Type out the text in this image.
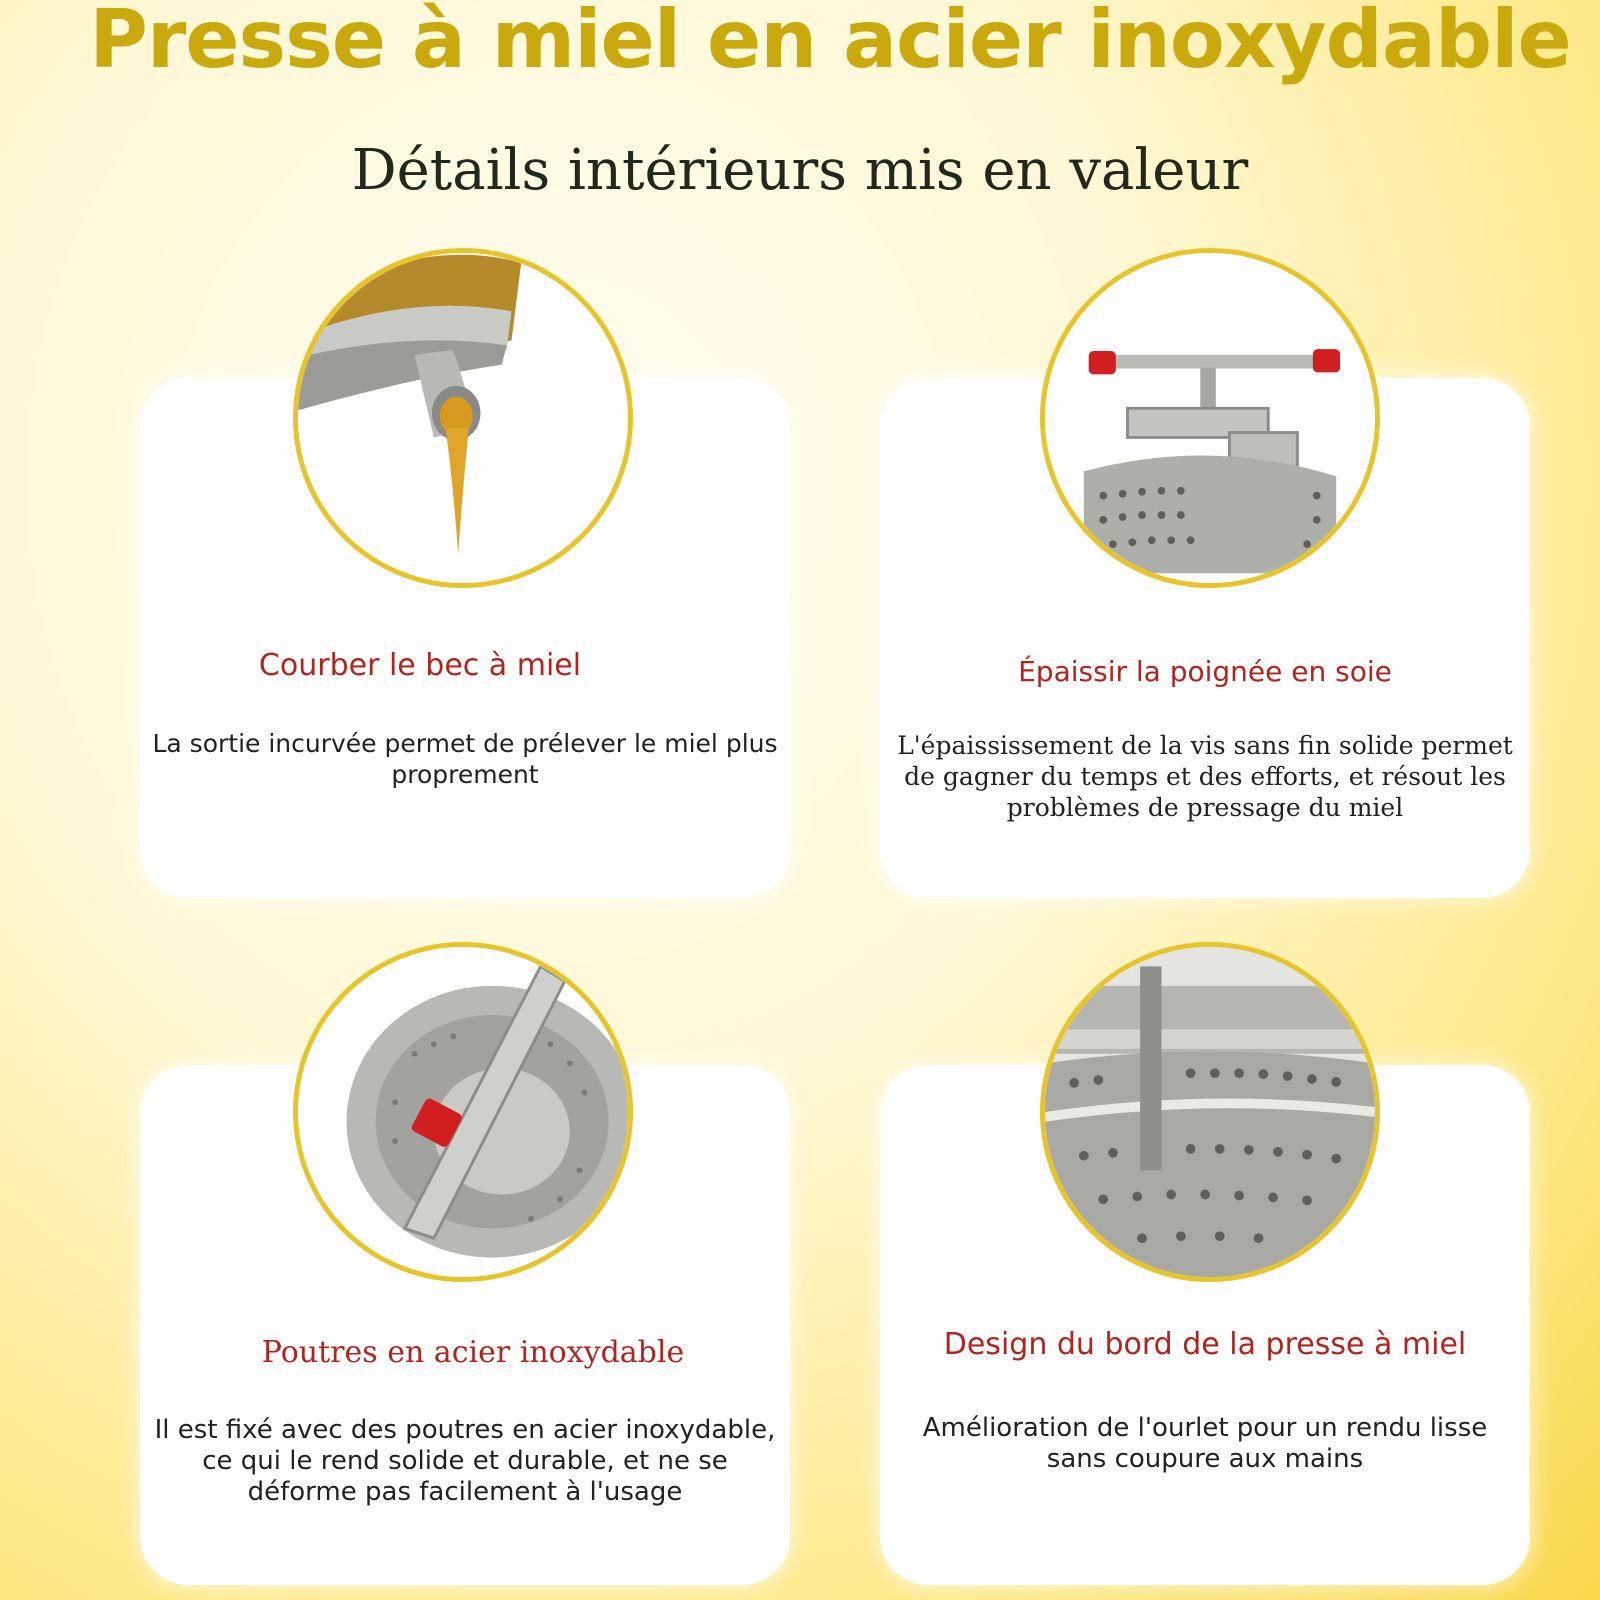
Presse à miel en acier inoxydable
Détails intérieurs mis en valeur
Courber le bec à miel

La sortie incurvée permet de prélever le miel plus proprement

Épaissir la poignée en soie

L'épaississement de la vis sans fin solide permet de gagner du temps et des efforts, et résout les problèmes de pressage du miel

Poutres en acier inoxydable

Il est fixé avec des poutres en acier inoxydable, ce qui le rend solide et durable, et ne se déforme pas facilement à l'usage

Design du bord de la presse à miel

Amélioration de l'ourlet pour un rendu lisse sans coupure aux mains
